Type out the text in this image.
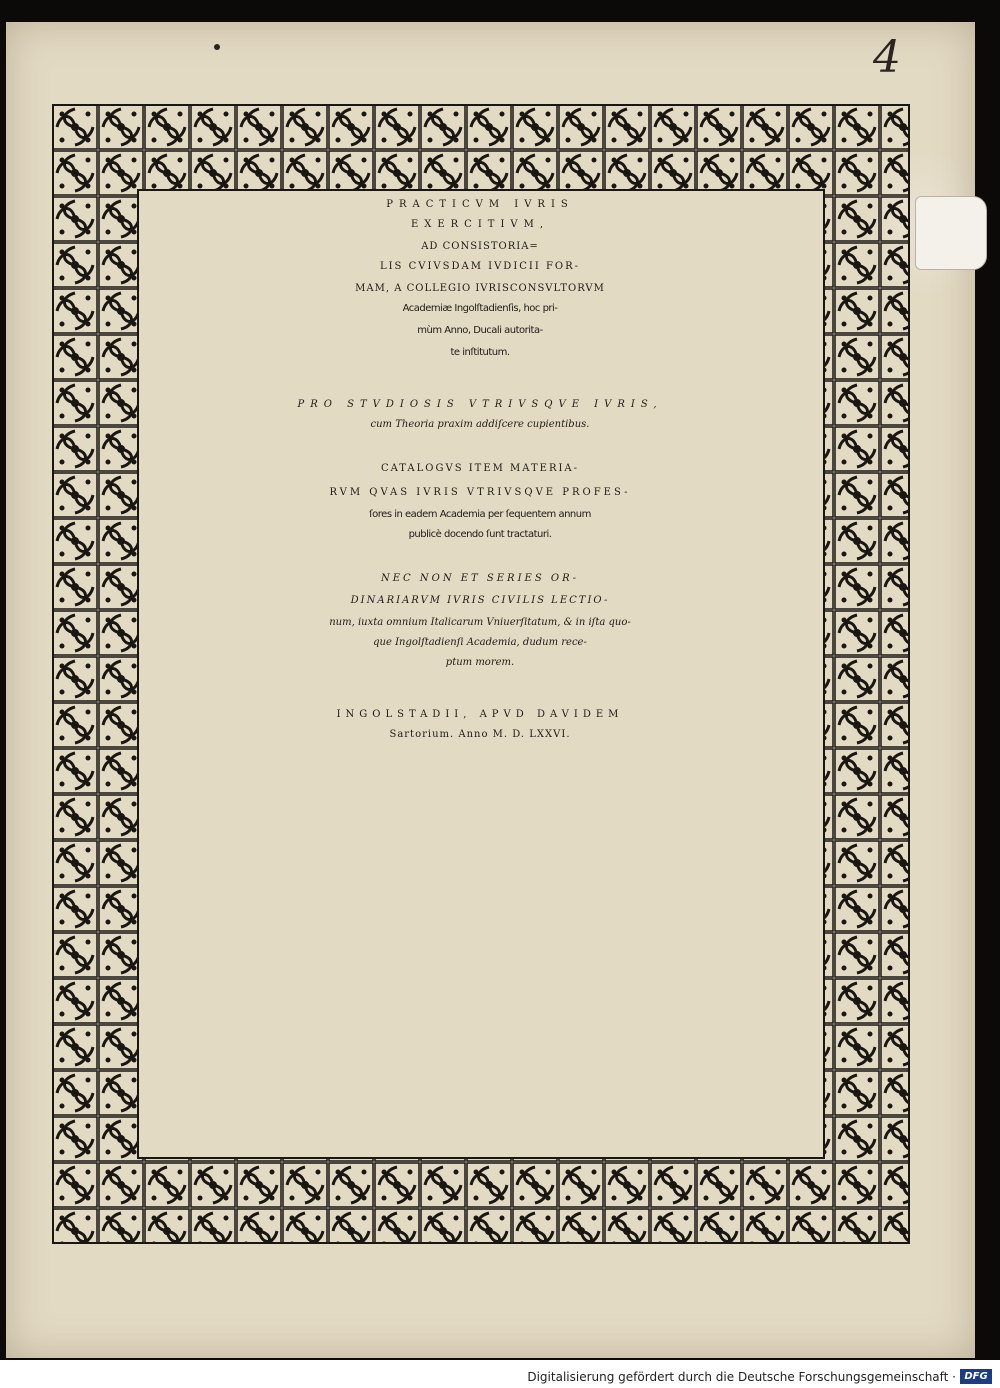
4
PRACTICVM IVRIS
EXERCITIVM,
AD CONSISTORIA=
LIS CVIVSDAM IVDICII FOR-
MAM, A COLLEGIO IVRISCONSVLTORVM
Academiæ Ingolſtadienſis, hoc pri-
mùm Anno, Ducali autorita-
te inſtitutum.
PRO STVDIOSIS VTRIVSQVE IVRIS,
cum Theoria praxim addiſcere cupientibus.
CATALOGVS ITEM MATERIA-
RVM QVAS IVRIS VTRIVSQVE PROFES-
ſores in eadem Academia per ſequentem annum
publicè docendo ſunt tractaturi.
NEC NON ET SERIES OR-
DINARIARVM IVRIS CIVILIS LECTIO-
num, iuxta omnium Italicarum Vniuerſitatum, & in iſta quo-
que Ingolſtadienſi Academia, dudum rece-
ptum morem.
INGOLSTADII, APVD DAVIDEM
Sartorium. Anno M. D. LXXVI.
Digitalisierung gefördert durch die Deutsche Forschungsgemeinschaft · DFG
